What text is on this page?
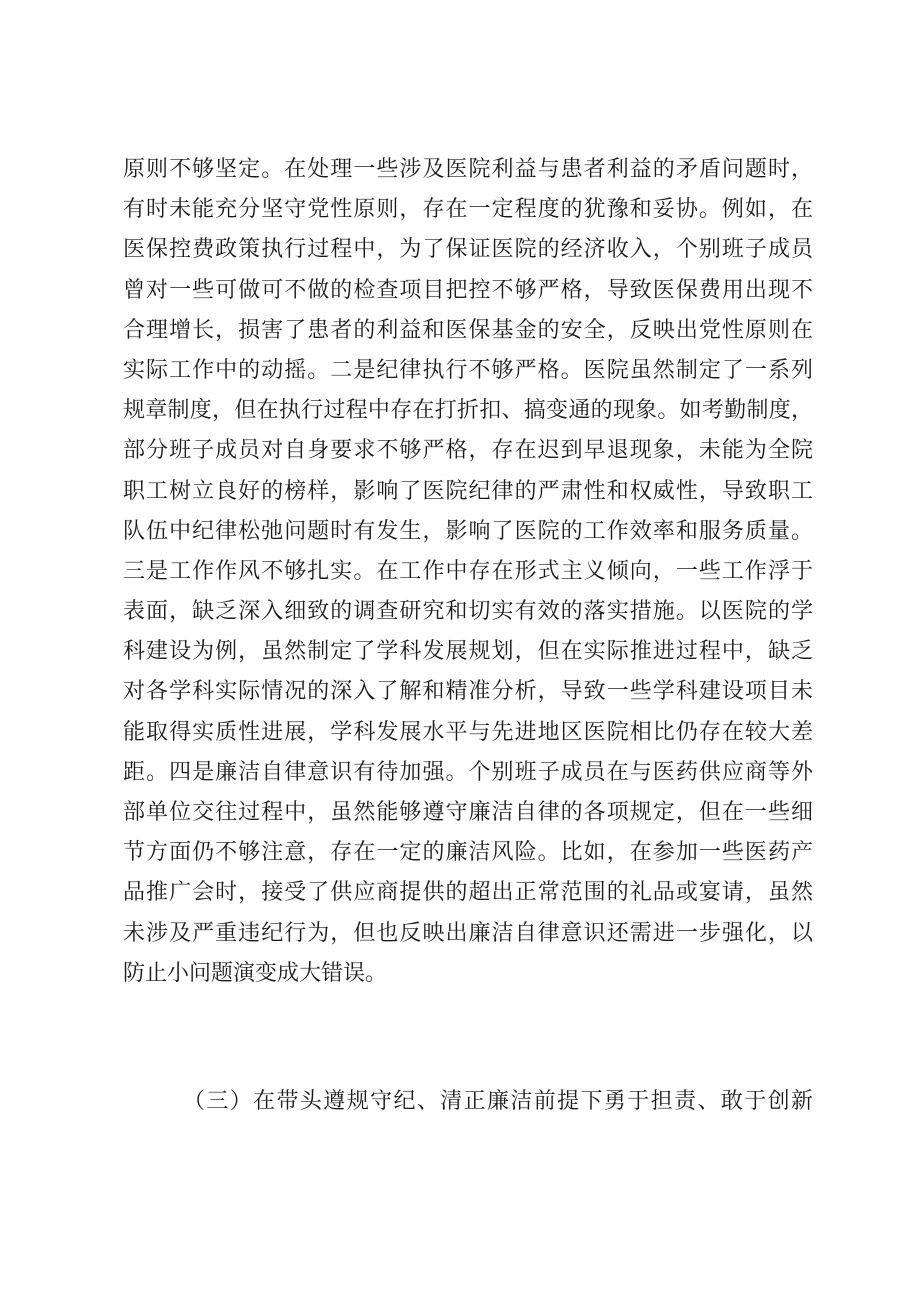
原则不够坚定。在处理一些涉及医院利益与患者利益的矛盾问题时，
有时未能充分坚守党性原则，存在一定程度的犹豫和妥协。例如，在
医保控费政策执行过程中，为了保证医院的经济收入，个别班子成员
曾对一些可做可不做的检查项目把控不够严格，导致医保费用出现不
合理增长，损害了患者的利益和医保基金的安全，反映出党性原则在
实际工作中的动摇。二是纪律执行不够严格。医院虽然制定了一系列
规章制度，但在执行过程中存在打折扣、搞变通的现象。如考勤制度，
部分班子成员对自身要求不够严格，存在迟到早退现象，未能为全院
职工树立良好的榜样，影响了医院纪律的严肃性和权威性，导致职工
队伍中纪律松弛问题时有发生，影响了医院的工作效率和服务质量。
三是工作作风不够扎实。在工作中存在形式主义倾向，一些工作浮于
表面，缺乏深入细致的调查研究和切实有效的落实措施。以医院的学
科建设为例，虽然制定了学科发展规划，但在实际推进过程中，缺乏
对各学科实际情况的深入了解和精准分析，导致一些学科建设项目未
能取得实质性进展，学科发展水平与先进地区医院相比仍存在较大差
距。四是廉洁自律意识有待加强。个别班子成员在与医药供应商等外
部单位交往过程中，虽然能够遵守廉洁自律的各项规定，但在一些细
节方面仍不够注意，存在一定的廉洁风险。比如，在参加一些医药产
品推广会时，接受了供应商提供的超出正常范围的礼品或宴请，虽然
未涉及严重违纪行为，但也反映出廉洁自律意识还需进一步强化，以
防止小问题演变成大错误。
（三）在带头遵规守纪、清正廉洁前提下勇于担责、敢于创新
